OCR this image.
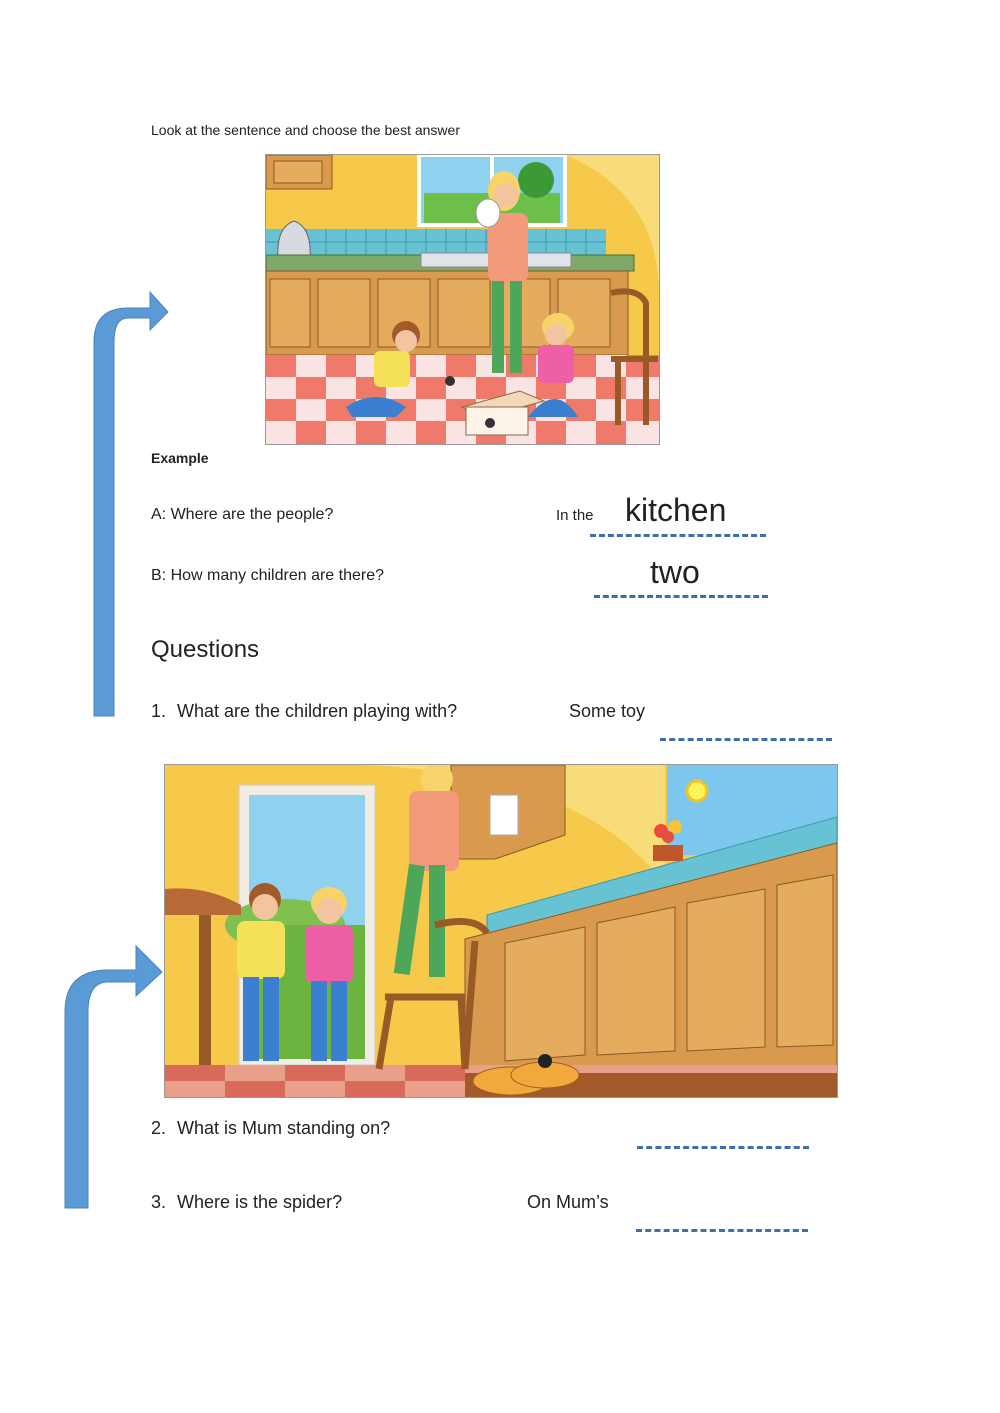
Look at the sentence and choose the best answer
Example
A: Where are the people?	In the kitchen
B: How many children are there?	two
Questions
1. What are the children playing with?	Some toy
2. What is Mum standing on?
3. Where is the spider?	On Mum’s
